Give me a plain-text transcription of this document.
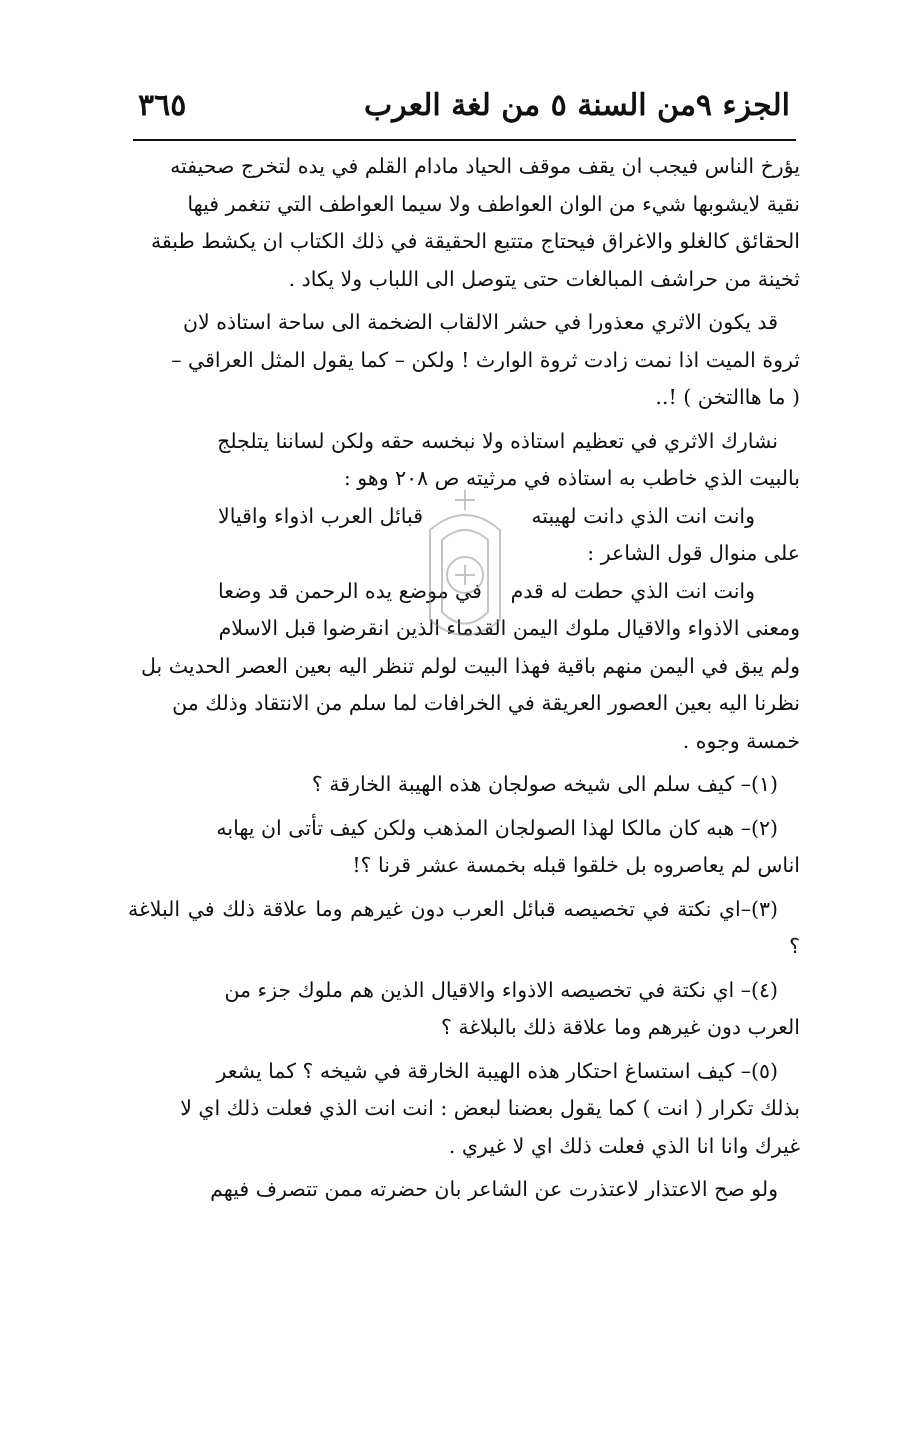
الجزء ۹من السنة ٥ من لغة العرب
٣٦٥
يؤرخ الناس فيجب ان يقف موقف الحياد مادام القلم في يده لتخرج صحيفته
نقية لايشوبها شيء من الوان العواطف ولا سيما العواطف التي تنغمر فيها
الحقائق كالغلو والاغراق فيحتاج متتبع الحقيقة في ذلك الكتاب ان يكشط طبقة
ثخينة من حراشف المبالغات حتى يتوصل الى اللباب ولا يكاد .
قد يكون الاثري معذورا في حشر الالقاب الضخمة الى ساحة استاذه لان
ثروة الميت اذا نمت زادت ثروة الوارث ! ولكن – كما يقول المثل العراقي –
( ما هاالتخن ) !..
نشارك الاثري في تعظيم استاذه ولا نبخسه حقه ولكن لساننا يتلجلج
بالبيت الذي خاطب به استاذه في مرثيته ص ٢٠٨ وهو :
وانت انت الذي دانت لهيبته
قبائل العرب اذواء واقيالا
على منوال قول الشاعر :
وانت انت الذي حطت له قدم
في موضع يده الرحمن قد وضعا
ومعنى الاذواء والاقيال ملوك اليمن القدماء الذين انقرضوا قبل الاسلام
ولم يبق في اليمن منهم باقية فهذا البيت لولم تنظر اليه بعين العصر الحديث بل
نظرنا اليه بعين العصور العريقة في الخرافات لما سلم من الانتقاد وذلك من
خمسة وجوه .
(١)– كيف سلم الى شيخه صولجان هذه الهيبة الخارقة ؟
(٢)– هبه كان مالكا لهذا الصولجان المذهب ولكن كيف تأتى ان يهابه
اناس لم يعاصروه بل خلقوا قبله بخمسة عشر قرنا ؟!
(٣)–اي نكتة في تخصيصه قبائل العرب دون غيرهم وما علاقة ذلك في البلاغة ؟
(٤)– اي نكتة في تخصيصه الاذواء والاقيال الذين هم ملوك جزء من
العرب دون غيرهم وما علاقة ذلك بالبلاغة ؟
(٥)– كيف استساغ احتكار هذه الهيبة الخارقة في شيخه ؟ كما يشعر
بذلك تكرار ( انت ) كما يقول بعضنا لبعض : انت انت الذي فعلت ذلك اي لا
غيرك وانا انا الذي فعلت ذلك اي لا غيري .
ولو صح الاعتذار لاعتذرت عن الشاعر بان حضرته ممن تتصرف فيهم
